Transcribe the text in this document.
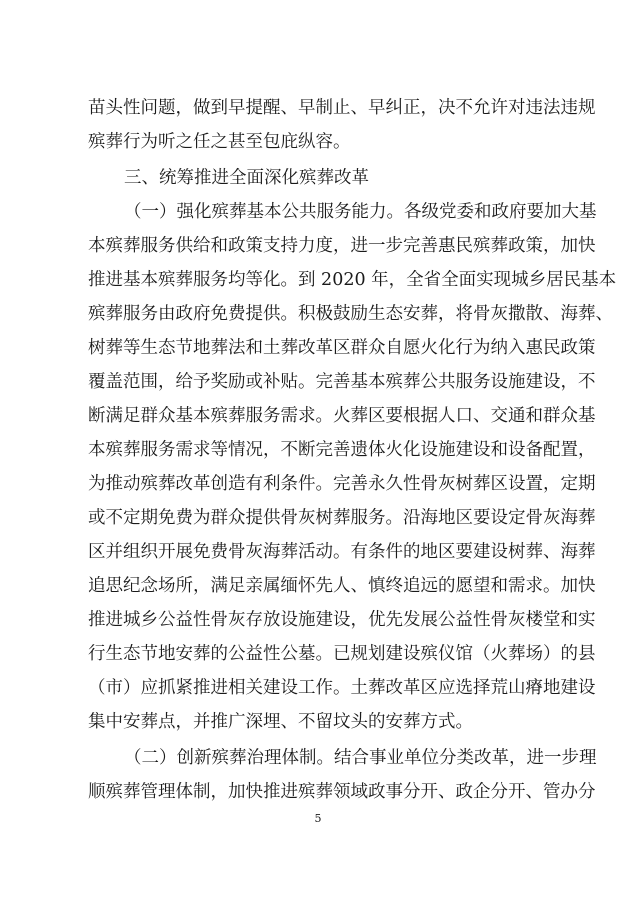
苗头性问题，做到早提醒、早制止、早纠正，决不允许对违法违规
殡葬行为听之任之甚至包庇纵容。
三、统筹推进全面深化殡葬改革
（一）强化殡葬基本公共服务能力。各级党委和政府要加大基
本殡葬服务供给和政策支持力度，进一步完善惠民殡葬政策，加快
推进基本殡葬服务均等化。到 2020 年，全省全面实现城乡居民基本
殡葬服务由政府免费提供。积极鼓励生态安葬，将骨灰撒散、海葬、
树葬等生态节地葬法和土葬改革区群众自愿火化行为纳入惠民政策
覆盖范围，给予奖励或补贴。完善基本殡葬公共服务设施建设，不
断满足群众基本殡葬服务需求。火葬区要根据人口、交通和群众基
本殡葬服务需求等情况，不断完善遗体火化设施建设和设备配置，
为推动殡葬改革创造有利条件。完善永久性骨灰树葬区设置，定期
或不定期免费为群众提供骨灰树葬服务。沿海地区要设定骨灰海葬
区并组织开展免费骨灰海葬活动。有条件的地区要建设树葬、海葬
追思纪念场所，满足亲属缅怀先人、慎终追远的愿望和需求。加快
推进城乡公益性骨灰存放设施建设，优先发展公益性骨灰楼堂和实
行生态节地安葬的公益性公墓。已规划建设殡仪馆（火葬场）的县
（市）应抓紧推进相关建设工作。土葬改革区应选择荒山瘠地建设
集中安葬点，并推广深埋、不留坟头的安葬方式。
（二）创新殡葬治理体制。结合事业单位分类改革，进一步理
顺殡葬管理体制，加快推进殡葬领域政事分开、政企分开、管办分
5
